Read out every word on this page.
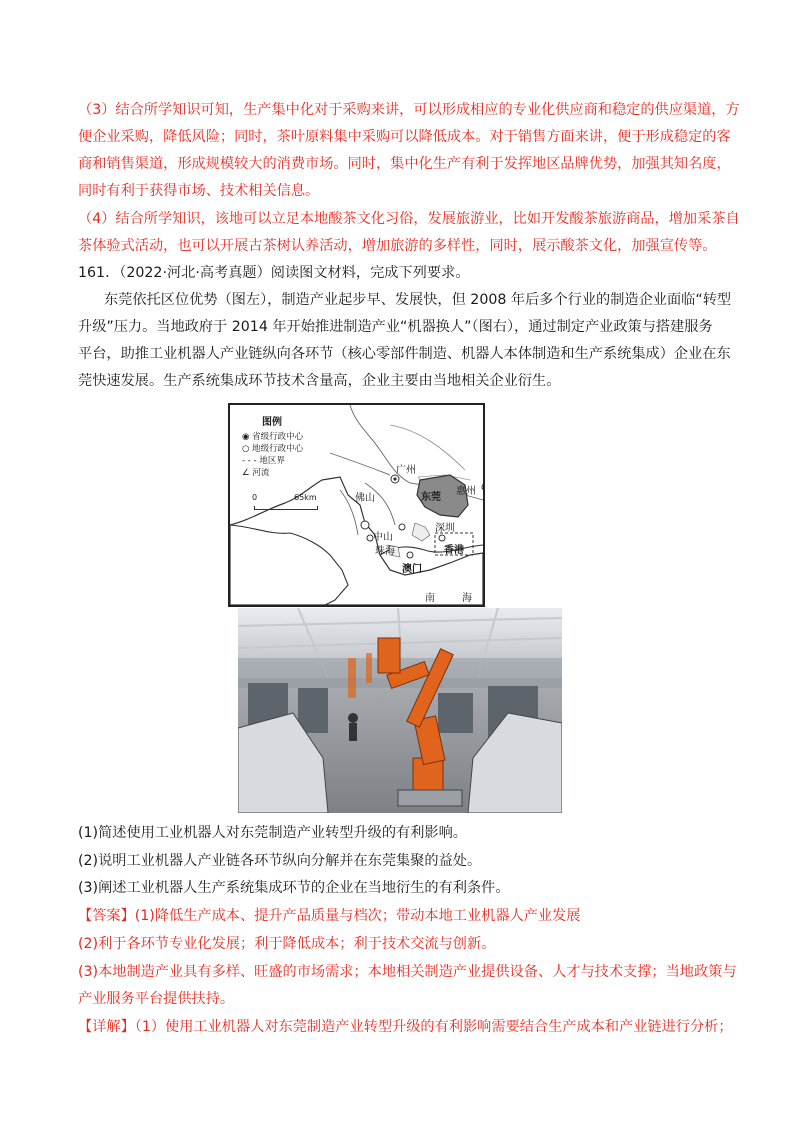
（3）结合所学知识可知，生产集中化对于采购来讲，可以形成相应的专业化供应商和稳定的供应渠道，方
便企业采购，降低风险；同时，茶叶原料集中采购可以降低成本。对于销售方面来讲，便于形成稳定的客
商和销售渠道，形成规模较大的消费市场。同时，集中化生产有利于发挥地区品牌优势，加强其知名度，
同时有利于获得市场、技术相关信息。
（4）结合所学知识，该地可以立足本地酸茶文化习俗，发展旅游业，比如开发酸茶旅游商品，增加采茶自
茶体验式活动，也可以开展古茶树认养活动，增加旅游的多样性，同时，展示酸茶文化，加强宣传等。
161．（2022·河北·高考真题）阅读图文材料，完成下列要求。
东莞依托区位优势（图左），制造产业起步早、发展快，但 2008 年后多个行业的制造企业面临“转型
升级”压力。当地政府于 2014 年开始推进制造产业“机器换人”（图右），通过制定产业政策与搭建服务
平台，助推工业机器人产业链纵向各环节（核心零部件制造、机器人本体制造和生产系统集成）企业在东
莞快速发展。生产系统集成环节技术含量高，企业主要由当地相关企业衍生。
图例
◉ 省级行政中心
○ 地级行政中心
- - - 地区界
∠ 河流
0	65km
广州
佛山	东莞
惠州
深圳
中山
珠海	香港
澳门
南	海
(1)简述使用工业机器人对东莞制造产业转型升级的有利影响。
(2)说明工业机器人产业链各环节纵向分解并在东莞集聚的益处。
(3)阐述工业机器人生产系统集成环节的企业在当地衍生的有利条件。
【答案】(1)降低生产成本、提升产品质量与档次；带动本地工业机器人产业发展
(2)利于各环节专业化发展；利于降低成本；利于技术交流与创新。
(3)本地制造产业具有多样、旺盛的市场需求；本地相关制造产业提供设备、人才与技术支撑；当地政策与
产业服务平台提供扶持。
【详解】（1）使用工业机器人对东莞制造产业转型升级的有利影响需要结合生产成本和产业链进行分析；
